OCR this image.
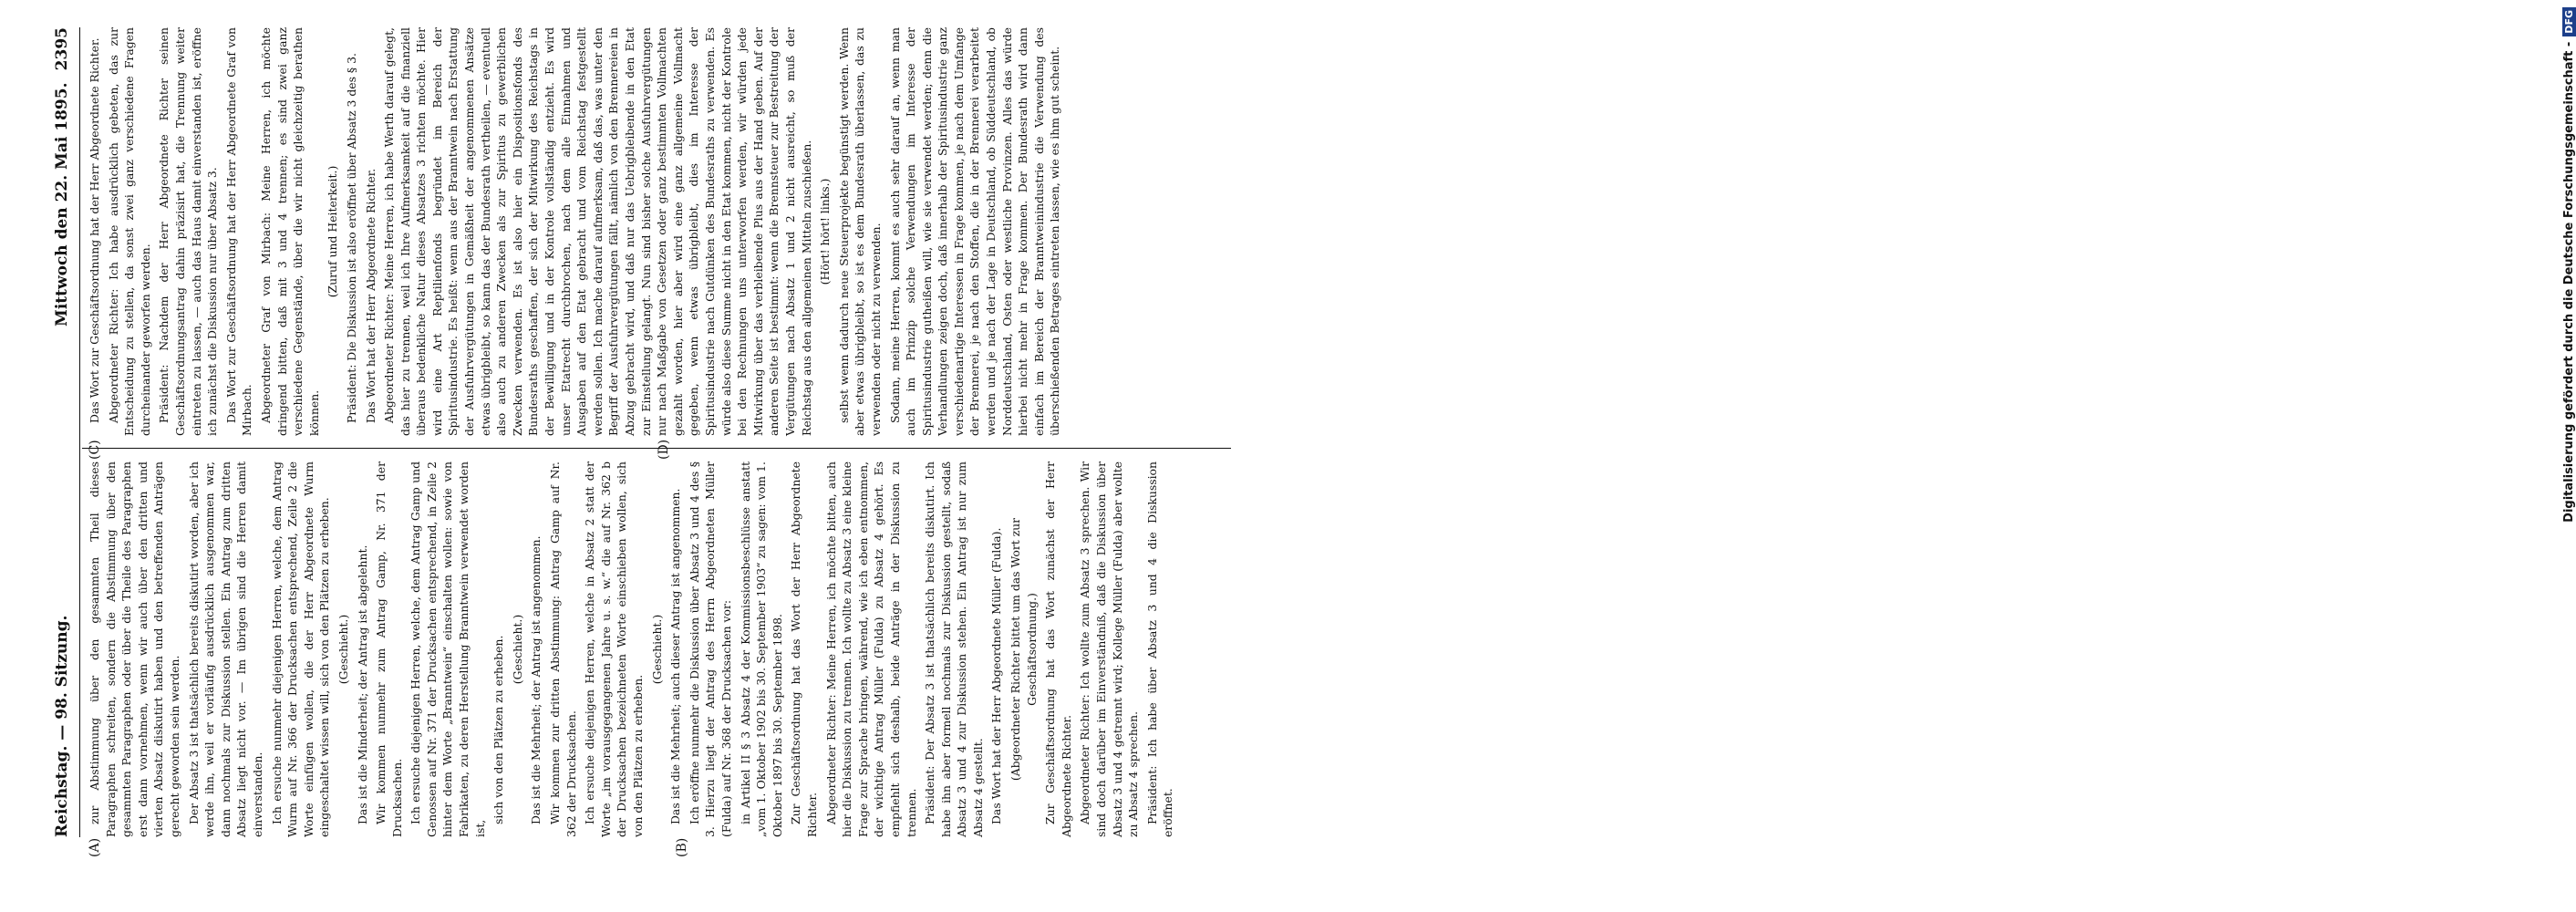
Reichstag. — 98. Sitzung.
Mittwoch den 22. Mai 1895.
2395
(A)	(B)
(C)	(D)

zur Abstimmung über den gesammten Theil dieses Paragraphen schreiten, sondern die Abstimmung über den gesammten Paragraphen oder über die Theile des Paragraphen erst dann vornehmen, wenn wir auch über den dritten und vierten Absatz diskutirt haben und den betreffenden Anträgen gerecht geworden sein werden. Der Absatz 3 ist thatsächlich bereits diskutirt worden, aber ich werde ihn, weil er vorläufig ausdrücklich ausgenommen war, dann nochmals zur Diskussion stellen. Ein Antrag zum dritten Absatz liegt nicht vor. — Im übrigen sind die Herren damit einverstanden. Ich ersuche nunmehr diejenigen Herren, welche, dem Antrag Wurm auf Nr. 366 der Drucksachen entsprechend, Zeile 2 die Worte einfügen wollen, die der Herr Abgeordnete Wurm eingeschaltet wissen will, sich von den Plätzen zu erheben. (Geschieht.) Das ist die Minderheit; der Antrag ist abgelehnt. Wir kommen nunmehr zum Antrag Gamp, Nr. 371 der Drucksachen. Ich ersuche diejenigen Herren, welche, dem Antrag Gamp und Genossen auf Nr. 371 der Drucksachen entsprechend, in Zeile 2 hinter dem Worte „Branntwein“ einschalten wollen: sowie von Fabrikaten, zu deren Herstellung Branntwein verwendet worden ist,

sich von den Plätzen zu erheben. (Geschieht.) Das ist die Mehrheit; der Antrag ist angenommen. Wir kommen zur dritten Abstimmung: Antrag Gamp auf Nr. 362 der Drucksachen. Ich ersuche diejenigen Herren, welche in Absatz 2 statt der Worte „im vorausgegangenen Jahre u. s. w.“ die auf Nr. 362 b der Drucksachen bezeichneten Worte einschieben wollen, sich von den Plätzen zu erheben.

(Geschieht.) Das ist die Mehrheit; auch dieser Antrag ist angenommen. Ich eröffne nunmehr die Diskussion über Absatz 3 und 4 des § 3. Hierzu liegt der Antrag des Herrn Abgeordneten Müller (Fulda) auf Nr. 368 der Drucksachen vor: in Artikel II § 3 Absatz 4 der Kommissionsbeschlüsse anstatt „vom 1. Oktober 1902 bis 30. September 1903“ zu sagen: vom 1. Oktober 1897 bis 30. September 1898. Zur Geschäftsordnung hat das Wort der Herr Abgeordnete Richter. Abgeordneter Richter: Meine Herren, ich möchte bitten, auch hier die Diskussion zu trennen. Ich wollte zu Absatz 3 eine kleine Frage zur Sprache bringen, während, wie ich eben entnommen, der wichtige Antrag Müller (Fulda) zu Absatz 4 gehört. Es empfiehlt sich deshalb, beide Anträge in der Diskussion zu trennen. Präsident: Der Absatz 3 ist thatsächlich bereits diskutirt. Ich habe ihn aber formell nochmals zur Diskussion gestellt, sodaß Absatz 3 und 4 zur Diskussion stehen. Ein Antrag ist nur zum Absatz 4 gestellt. Das Wort hat der Herr Abgeordnete Müller (Fulda). (Abgeordneter Richter bittet um das Wort zur Geschäftsordnung.) Zur Geschäftsordnung hat das Wort zunächst der Herr Abgeordnete Richter. Abgeordneter Richter: Ich wollte zum Absatz 3 sprechen. Wir sind doch darüber im Einverständniß, daß die Diskussion über Absatz 3 und 4 getrennt wird; Kollege Müller (Fulda) aber wollte zu Absatz 4 sprechen. Präsident: Ich habe über Absatz 3 und 4 die Diskussion eröffnet.

Das Wort zur Geschäftsordnung hat der Herr Abgeordnete Richter. Abgeordneter Richter: Ich habe ausdrücklich gebeten, das zur Entscheidung zu stellen, da sonst zwei ganz verschiedene Fragen durcheinander geworfen werden. Präsident: Nachdem der Herr Abgeordnete Richter seinen Geschäftsordnungsantrag dahin präzisirt hat, die Trennung weiter eintreten zu lassen, — auch das Haus damit einverstanden ist, eröffne ich zunächst die Diskussion nur über Absatz 3. Das Wort zur Geschäftsordnung hat der Herr Abgeordnete Graf von Mirbach. Abgeordneter Graf von Mirbach: Meine Herren, ich möchte dringend bitten, daß mit 3 und 4 trennen; es sind zwei ganz verschiedene Gegenstände, über die wir nicht gleichzeitig berathen können.

(Zuruf und Heiterkeit.) Präsident: Die Diskussion ist also eröffnet über Absatz 3 des § 3. Das Wort hat der Herr Abgeordnete Richter. Abgeordneter Richter: Meine Herren, ich habe Werth darauf gelegt, das hier zu trennen, weil ich Ihre Aufmerksamkeit auf die finanziell überaus bedenkliche Natur dieses Absatzes 3 richten möchte. Hier wird eine Art Reptilienfonds begründet im Bereich der Spiritusindustrie. Es heißt: wenn aus der Branntwein nach Erstattung der Ausfuhrvergütungen in Gemäßheit der angenommenen Ansätze etwas übrigbleibt, so kann das der Bundesrath vertheilen, — eventuell also auch zu anderen Zwecken als zur Spiritus zu gewerblichen Zwecken verwenden. Es ist also hier ein Dispositionsfonds des Bundesraths geschaffen, der sich der Mitwirkung des Reichstags in der Bewilligung und in der Kontrole vollständig entzieht. Es wird unser Etatrecht durchbrochen, nach dem alle Einnahmen und Ausgaben auf den Etat gebracht und vom Reichstag festgestellt werden sollen. Ich mache darauf aufmerksam, daß das, was unter den Begriff der Ausfuhrvergütungen fällt, nämlich von den Brennereien in Abzug gebracht wird, und daß nur das Uebrigbleibende in den Etat zur Einstellung gelangt. Nun sind bisher solche Ausfuhrvergütungen nur nach Maßgabe von Gesetzen oder ganz bestimmten Vollmachten gezahlt worden, hier aber wird eine ganz allgemeine Vollmacht gegeben, wenn etwas übrigbleibt, dies im Interesse der Spiritusindustrie nach Gutdünken des Bundesraths zu verwenden. Es würde also diese Summe nicht in den Etat kommen, nicht der Kontrole bei den Rechnungen uns unterworfen werden, wir würden jede Mitwirkung über das verbleibende Plus aus der Hand geben. Auf der anderen Seite ist bestimmt: wenn die Brennsteuer zur Bestreitung der Vergütungen nach Absatz 1 und 2 nicht ausreicht, so muß der Reichstag aus den allgemeinen Mitteln zuschießen. (Hört! hört! links.) selbst wenn dadurch neue Steuerprojekte begünstigt werden. Wenn aber etwas übrigbleibt, so ist es dem Bundesrath überlassen, das zu verwenden oder nicht zu verwenden. Sodann, meine Herren, kommt es auch sehr darauf an, wenn man auch im Prinzip solche Verwendungen im Interesse der Spiritusindustrie gutheißen will, wie sie verwendet werden; denn die Verhandlungen zeigen doch, daß innerhalb der Spiritusindustrie ganz verschiedenartige Interessen in Frage kommen, je nach dem Umfange der Brennerei, je nach den Stoffen, die in der Brennerei verarbeitet werden und je nach der Lage in Deutschland, ob Süddeutschland, ob Norddeutschland, Osten oder westliche Provinzen. Alles das würde hierbei nicht mehr in Frage kommen. Der Bundesrath wird dann einfach im Bereich der Branntweinindustrie die Verwendung des überschießenden Betrages eintreten lassen, wie es ihm gut scheint.	Digitalisierung gefördert durch die Deutsche Forschungsgemeinschaft -
DFG
